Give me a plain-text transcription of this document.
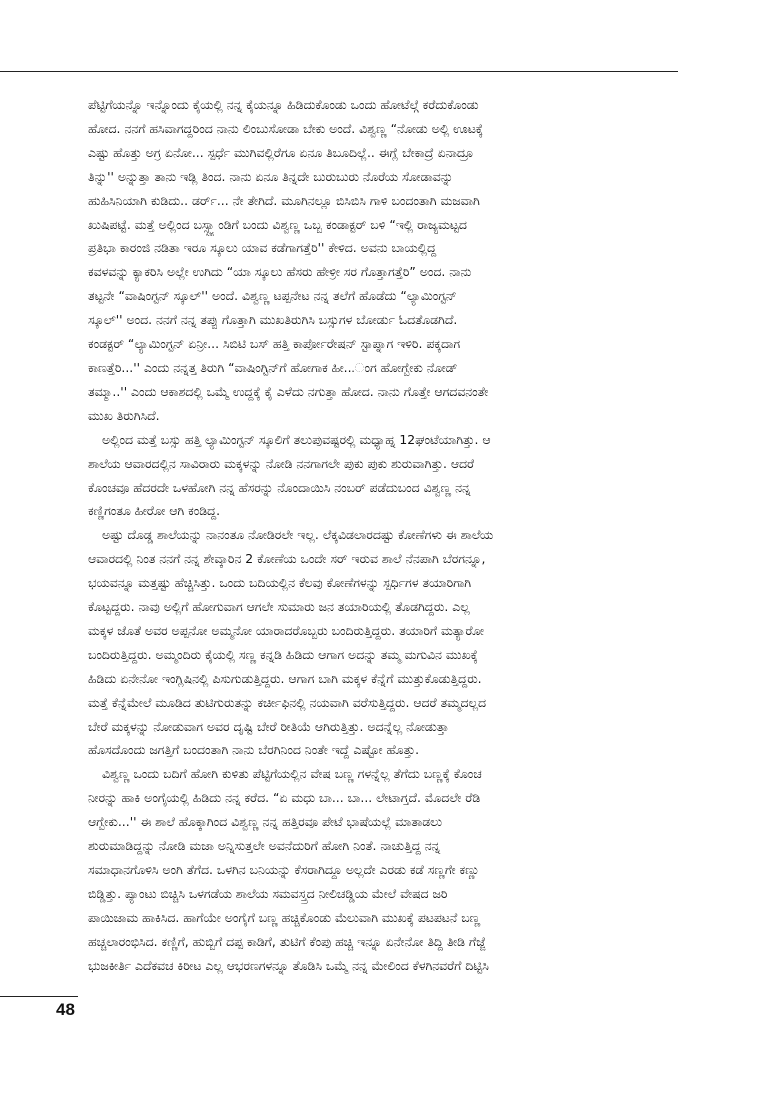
ಪೆಟ್ಟಿಗೆಯನ್ನೊ ಇನ್ನೊಂದು ಕೈಯಲ್ಲಿ ನನ್ನ ಕೈಯನ್ನೂ ಹಿಡಿದುಕೊಂಡು ಒಂದು ಹೋಟೆಲ್ಗೆ ಕರೆದುಕೊಂಡು
ಹೋದ. ನನಗೆ ಹಸಿವಾಗದ್ದರಿಂದ ನಾನು ಲಿಂಬುಸೋಡಾ ಬೇಕು ಅಂದೆ. ವಿಶ್ವಣ್ಣ “ನೋಡು ಅಲ್ಲಿ ಊಟಕ್ಕೆ
ಎಷ್ಟು ಹೊತ್ತು ಅಗ್ರ ಏನೋ... ಸ್ಪರ್ಧೆ ಮುಗಿವಲ್ಲಿರೆಗೂ ಏನೂ ತಿಬೂದಿಲ್ಲೆ.. ಈಗ್ಲೆ ಬೇಕಾದ್ರೆ ಏನಾದ್ರೂ
ತಿನ್ನು'' ಅನ್ನುತ್ತಾ ತಾನು ಇಡ್ಲಿ ತಿಂದ. ನಾನು ಏನೂ ತಿನ್ನದೇ ಬುರುಬುರು ನೊರೆಯ ಸೋಡಾವನ್ನು
ಹುಹಿಸಿನಿಯಾಗಿ ಕುಡಿದು.. ಡರ್ರ್... ನೇ ತೇಗಿದೆ. ಮೂಗಿನಲ್ಲೂ ಬಿಸಿಬಿಸಿ ಗಾಳಿ ಬಂದಂತಾಗಿ ಮಜವಾಗಿ
ಖುಷಿಪಟ್ಟೆ. ಮತ್ತೆ ಅಲ್ಲಿಂದ ಬಸ್ಸ್ಟ್ಯಾಂಡಿಗೆ ಬಂದು ವಿಶ್ವಣ್ಣ ಒಬ್ಬ ಕಂಡಾಕ್ಟರ್ ಬಳಿ “ಇಲ್ಲಿ ರಾಜ್ಯಮಟ್ಟದ
ಪ್ರತಿಭಾ ಕಾರಂಜಿ ನಡಿತಾ ಇರೂ ಸ್ಕೂಲು ಯಾವ ಕಡೆಗಾಗತ್ತೆರಿ'' ಕೇಳಿದ. ಅವನು ಬಾಯಲ್ಲಿದ್ದ
ಕವಳವನ್ನು ಕ್ಯಾಕರಿಸಿ ಅಲ್ಲೇ ಉಗಿದು “ಯಾ ಸ್ಕೂಲು ಹೆಸರು ಹೇಳ್ರೀ ಸರ ಗೊತ್ತಾಗತ್ತೆರಿ” ಅಂದ. ನಾನು
ತಟ್ಟನೇ “ವಾಷಿಂಗ್ಟನ್ ಸ್ಕೂಲ್'' ಅಂದೆ. ವಿಶ್ವಣ್ಣ ಟಪ್ಪನೇಟ ನನ್ನ ತಲೆಗೆ ಹೊಡೆದು “ಲ್ಯಾಮಿಂಗ್ಟನ್
ಸ್ಕೂಲ್'' ಅಂದ. ನನಗೆ ನನ್ನ ತಪ್ಪು ಗೊತ್ತಾಗಿ ಮುಖತಿರುಗಿಸಿ ಬಸ್ಸುಗಳ ಬೋರ್ಡು ಓದತೊಡಗಿದೆ.
ಕಂಡಕ್ಟರ್ “ಲ್ಯಾಮಿಂಗ್ಟನ್ ಏನ್ರೀ... ಸಿಬಿಟಿ ಬಸ್ ಹತ್ತಿ ಕಾರ್ಪೋರೇಷನ್ ಸ್ಟಾಪ್ನಾಗ ಇಳಿರಿ. ಪಕ್ಕದಾಗ
ಕಾಣತ್ತೆರಿ...'' ಎಂದು ನನ್ನತ್ತ ತಿರುಗಿ “ವಾಷಿಂಗ್ಟಿನ್‌ಗೆ ಹೋಗಾಕ ಹೀ...ಂಗ ಹೋಗ್ಬೇಕು ನೋಡ್
ತಮ್ಮಾ..'' ಎಂದು ಆಕಾಶದಲ್ಲಿ ಒಮ್ಮೆ ಉದ್ದಕ್ಕೆ ಕೈ ಎಳೆದು ನಗುತ್ತಾ ಹೋದ. ನಾನು ಗೊತ್ತೇ ಆಗದವನಂತೇ
ಮುಖ ತಿರುಗಿಸಿದೆ.
ಅಲ್ಲಿಂದ ಮತ್ತೆ ಬಸ್ಸು ಹತ್ತಿ ಲ್ಯಾಮಿಂಗ್ಟನ್ ಸ್ಕೂಲಿಗೆ ತಲುಪುವಷ್ಟರಲ್ಲಿ ಮಧ್ಯಾಹ್ನ 12ಘಂಟೆಯಾಗಿತ್ತು. ಆ
ಶಾಲೆಯ ಆವಾರದಲ್ಲಿನ ಸಾವಿರಾರು ಮಕ್ಕಳನ್ನು ನೋಡಿ ನನಗಾಗಲೇ ಪುಕು ಪುಕು ಶುರುವಾಗಿತ್ತು. ಆದರೆ
ಕೊಂಚವೂ ಹೆದರದೇ ಒಳಹೋಗಿ ನನ್ನ ಹೆಸರನ್ನು ನೊಂದಾಯಿಸಿ ನಂಬರ್ ಪಡೆದುಬಂದ ವಿಶ್ವಣ್ಣ ನನ್ನ
ಕಣ್ಣಿಗಂತೂ ಹೀರೋ ಆಗಿ ಕಂಡಿದ್ದ.
ಅಷ್ಟು ದೊಡ್ಡ ಶಾಲೆಯನ್ನು ನಾನಂತೂ ನೋಡಿರಲೇ ಇಲ್ಲ. ಲೆಕ್ಕವಿಡಲಾರದಷ್ಟು ಕೋಣೆಗಳು ಈ ಶಾಲೆಯ
ಆವಾರದಲ್ಲಿ ನಿಂತ ನನಗೆ ನನ್ನ ಶೇವ್ಕಾರಿನ 2 ಕೋಣೆಯ ಒಂದೇ ಸರ್ ಇರುವ ಶಾಲೆ ನೆನಪಾಗಿ ಬೆರಗನ್ನೂ,
ಭಯವನ್ನೂ ಮತ್ತಷ್ಟು ಹೆಚ್ಚಿಸಿತ್ತು. ಒಂದು ಬದಿಯಲ್ಲಿನ ಕೆಲವು ಕೋಣೆಗಳನ್ನು ಸ್ಪರ್ಧಿಗಳ ತಯಾರಿಗಾಗಿ
ಕೊಟ್ಟದ್ದರು. ನಾವು ಅಲ್ಲಿಗೆ ಹೋಗುವಾಗ ಆಗಲೇ ಸುಮಾರು ಜನ ತಯಾರಿಯಲ್ಲಿ ತೊಡಗಿದ್ದರು. ಎಲ್ಲ
ಮಕ್ಕಳ ಜೊತೆ ಅವರ ಅಪ್ಪನೋ ಅಮ್ಮನೋ ಯಾರಾದರೊಬ್ಬರು ಬಂದಿರುತ್ತಿದ್ದರು. ತಯಾರಿಗೆ ಮತ್ಯಾರೋ
ಬಂದಿರುತ್ತಿದ್ದರು. ಅಮ್ಮಂದಿರು ಕೈಯಲ್ಲಿ ಸಣ್ಣ ಕನ್ನಡಿ ಹಿಡಿದು ಆಗಾಗ ಅದನ್ನು ತಮ್ಮ ಮಗುವಿನ ಮುಖಕ್ಕೆ
ಹಿಡಿದು ಏನೇನೋ ಇಂಗ್ಲಿಷಿನಲ್ಲಿ ಪಿಸುಗುಡುತ್ತಿದ್ದರು. ಆಗಾಗ ಬಾಗಿ ಮಕ್ಕಳ ಕೆನ್ನೆಗೆ ಮುತ್ತುಕೊಡುತ್ತಿದ್ದರು.
ಮತ್ತೆ ಕೆನ್ನೆಮೇಲೆ ಮೂಡಿದ ತುಟಿಗುರುತನ್ನು ಕರ್ಚೀಫಿನಲ್ಲಿ ನಯವಾಗಿ ವರೆಸುತ್ತಿದ್ದರು. ಆದರೆ ತಮ್ಮದಲ್ಲದ
ಬೇರೆ ಮಕ್ಕಳನ್ನು ನೋಡುವಾಗ ಅವರ ದೃಷ್ಟಿ ಬೇರೆ ರೀತಿಯೆ ಆಗಿರುತ್ತಿತ್ತು. ಅದನ್ನೆಲ್ಲ ನೋಡುತ್ತಾ
ಹೊಸದೊಂದು ಜಗತ್ತಿಗೆ ಬಂದಂತಾಗಿ ನಾನು ಬೆರಗಿನಿಂದ ನಿಂತೇ ಇದ್ದೆ ಎಷ್ಟೋ ಹೊತ್ತು.
ವಿಶ್ವಣ್ಣ ಒಂದು ಬದಿಗೆ ಹೋಗಿ ಕುಳಿತು ಪೆಟ್ಟಿಗೆಯಲ್ಲಿನ ವೇಷ ಬಣ್ಣ ಗಳನ್ನೆಲ್ಲ ತೆಗೆದು ಬಣ್ಣಕ್ಕೆ ಕೊಂಚ
ನೀರನ್ನು ಹಾಕಿ ಅಂಗೈಯಲ್ಲಿ ಹಿಡಿದು ನನ್ನ ಕರೆದ. “ಏ ಮಧು ಬಾ... ಬಾ... ಲೇಟಾಗ್ತದೆ. ಮೊದಲೇ ರೆಡಿ
ಆಗ್ಬೇಕು...'' ಈ ಶಾಲೆ ಹೊಕ್ಕಾಗಿಂದ ವಿಶ್ವಣ್ಣ ನನ್ನ ಹತ್ತಿರವೂ ಪೇಟೆ ಭಾಷೆಯಲ್ಲೆ ಮಾತಾಡಲು
ಶುರುಮಾಡಿದ್ದನ್ನು ನೋಡಿ ಮಜಾ ಅನ್ನಿಸುತ್ತಲೇ ಅವನೆದುರಿಗೆ ಹೋಗಿ ನಿಂತೆ. ನಾಚುತ್ತಿದ್ದ ನನ್ನ
ಸಮಾಧಾನಗೊಳಿಸಿ ಅಂಗಿ ತೆಗೆದ. ಒಳಗಿನ ಬನಿಯನ್ನು ಕೆಸರಾಗಿದ್ದೂ ಅಲ್ಲದೇ ಎರಡು ಕಡೆ ಸಣ್ಣಗೇ ಕಣ್ಣು
ಬಿಡ್ಡಿತ್ತು. ಪ್ಯಾಂಟು ಬಿಚ್ಚಿಸಿ ಒಳಗಡೆಯ ಶಾಲೆಯ ಸಮವಸ್ತ್ರದ ನೀಲಿಚಡ್ಡಿಯ ಮೇಲೆ ವೇಷದ ಜರಿ
ಪಾಯಿಜಾಮ ಹಾಕಿಸಿದ. ಹಾಗೆಯೇ ಅಂಗೈಗೆ ಬಣ್ಣ ಹಚ್ಚಿಕೊಂಡು ಮೆಲುವಾಗಿ ಮುಖಕ್ಕೆ ಪಟಪಟನೆ ಬಣ್ಣ
ಹಚ್ಚಲಾರಂಭಿಸಿದ. ಕಣ್ಣಿಗೆ, ಹುಬ್ಬಿಗೆ ದಪ್ಪ ಕಾಡಿಗೆ, ತುಟಿಗೆ ಕೆಂಪು ಹಚ್ಚಿ ಇನ್ನೂ ಏನೇನೋ ತಿದ್ದಿ ತೀಡಿ ಗೆಜ್ಜೆ
ಭುಜಕೀರ್ತಿ ಎದೆಕವಚ ಕಿರೀಟ ಎಲ್ಲ ಆಭರಣಗಳನ್ನೂ ತೊಡಿಸಿ ಒಮ್ಮೆ ನನ್ನ ಮೇಲಿಂದ ಕೆಳಗಿನವರೆಗೆ ದಿಟ್ಟಿಸಿ
48
